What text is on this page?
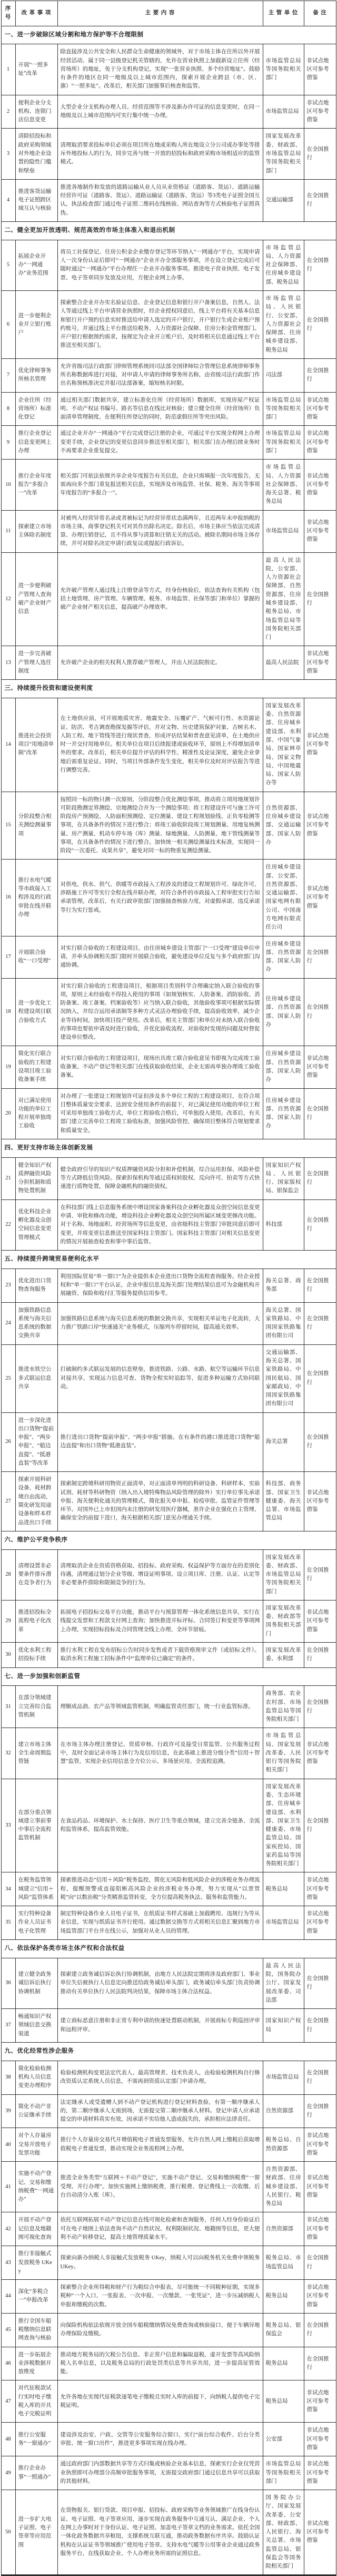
序号	改 革 事 项	主 要 内 容	主 管 单 位	备 注
一、进一步破除区域分割和地方保护等不合理限制				
1	开展“一照多址”改革	除直接涉及公共安全和人民群众生命健康的领域外，对于市场主体在住所以外开展经营活动、属于同一县级登记机关管辖的，允许在营业执照上加载新设立住所（经营场所）的地址，免于分支机构登记，实现“一张营业执照、多个经营地址”。鼓励有条件的地区在同一地级及以上城市范围内，探索开展企业跨县（市、区、旗）“一照多址”。改革后，相关部门加强事后核查和监管。	市场监管总局等国务院相关部门	非试点地区可参考借鉴
2	便利企业分支机构、连锁门店信息变更	大型企业分支机构办理人员、经营范围等不涉及新办许可证的信息变更时，在同一地级及以上城市范围内可实行集中统一办理。	市场监管总局	非试点地区可参考借鉴
3	清除招投标和政府采购领域对外地企业设置的隐性门槛和壁垒	清理取消要求投标单位必须在项目所在地或采购人所在地设立分公司或办事处等排斥外地投标人的行为，同步完善与统一开放的招投标和政府采购市场相适应的监管模式。	国家发展改革委、财政部、市场监管总局等国务院相关部门	在全国推行
4	推进客货运输电子证照跨区域互认与核验	推进各地制作和发放的道路运输从业人员从业资格证（道路客、货运）、道路运输经营许可证（道路客、货运）、道路运输证（道路客、货运）等3类电子证照全国互认，执法检查部门通过电子证照二维码在线核验、网站查询等方式核验电子证照真伪。	交通运输部	在全国推行
二、健全更加开放透明、规范高效的市场主体准入和退出机制				
5	拓展企业开办“一网通办”业务范围	将员工社保登记、住房公积金企业缴存登记等环节纳入“一网通办”平台，实现申请人一次身份认证后即可“一网通办”企业开办全部服务事项，并在设立登记完成后可随时通过“一网通办”平台办理任一企业开办服务事项。推进电子营业执照、电子发票、电子签章同步发放及应用，方便企业网上办事。	市场监管总局、人力资源社会保障部、住房城乡建设部、税务总局	在全国推行
6	进一步便利企业开立银行账户	探索整合企业开办实名验证信息、企业登记信息和银行开户备案信息，自然人、法人等通过线上平台申请营业执照时，经企业授权同意后，线上平台将有关基本信息和银行开户预约信息实时推送给申请人选定的开户银行，开户银行生成企业账户预约账号，并通过线上平台推送给税务、人力资源社会保障、住房公积金管理部门。开户银行根据预约需求，按规定为企业开立账户后，及时将相关信息通过线上平台推送至相关部门。	市场监管总局、人民银行、公安部、人力资源社会保障部、住房城乡建设部、税务总局	在全国推行
7	优化律师事务所核名管理	允许省级司法行政部门律师管理系统同司法部全国律师综合管理信息系统律师事务所名称数据库进行对接，对申请人申请的律师事务所名称，由省级司法行政部门作出名称预核准决定并报司法部备案，缩短核名时限。	司法部	在全国推行
8	企业住所（经营场所）标准化登记	通过相关部门数据共享，建立标准化住所（经营场所）数据库，实现房屋产权证明、不动产权证书编号、路名等信息在线比对核验；建立健全住所（经营场所）负面清单管理制度，在便利住所登记的同时，防范虚假住所等突出风险。	市场监管总局等国务院相关部门	非试点地区可参考借鉴
9	推行企业登记信息变更网上办理	通过企业开办“一网通办”平台完成登记注册的企业，可通过平台实现全程网上办理变更手续，企业登记的变更信息同步推送至相关部门，相关部门在办理后续业务时不再要求企业重复提交。	市场监管总局等国务院相关部门	非试点地区可参考借鉴
10	推行企业年度报告“多报合一”改革	相关部门可依法依规共享企业年度报告有关信息，企业只需填报一次年度报告，无需再向多个部门重复报送相关信息，实现涉及市场监管、社保、税务、海关等事项年度报告的“多报合一”。	市场监管总局、人力资源社会保障部、海关总署、税务总局	非试点地区可参考借鉴
11	探索建立市场主体除名制度	对被列入经营异常名录或者被标记为经营异常状态满两年，且近两年未申报纳税的市场主体，商事登记机关可对其作出除名决定。除名后，市场主体应当依法完成清算、办理注销登记，且不得从事与清算和注销无关的活动。被除名期间市场主体存续，并可对除名决定申请行政复议或提起行政诉讼。	市场监管总局	非试点地区可参考借鉴
12	进一步便利破产管理人查询破产企业财产信息	允许破产管理人通过线上注册登录等方式，经身份核验后，依法查询有关机构（包括土地管理、房产管理、车辆管理、税务、市场监管、社保等部门和单位）掌握的破产企业财产相关信息，提高破产办理效率。	最高人民法院，公安部、人力资源社会保障部、自然资源部、住房城乡建设部、税务总局、市场监管总局等国务院相关部门	在全国推行
13	进一步完善破产管理人选任制度	允许破产企业的相关权利人推荐破产管理人，并由人民法院指定。	最高人民法院	非试点地区可参考借鉴
三、持续提升投资和建设便利度				
14	推进社会投资项目“用地清单制”改革	在土地供应前，可开展地质灾害、地震安全、压覆矿产、气候可行性、水资源论证、防洪、考古调查勘探发掘等评估，并对文物、历史建筑保护对象、古树名木、人防工程、地下管线等进行现状普查，形成评估结果和普查意见清单，在土地供应时一并交付用地单位。相关单位在项目后续报建或验收环节，原则上不得增加清单外的要求。改革后，相关单位提升评估的科学性、精准性及论证深度，避免企业拿地后需重复论证。同时，当项目外部条件发生变化，相关单位及时对评估报告等进行调整完善。	国家发展改革委、自然资源部、住房城乡建设部、水利部、中国气象局、国家林草局、国家文物局、中国地震局、国家人防办等	非试点地区可参考借鉴
15	分阶段整合相关测绘测量事项	按照同一标的物只测一次原则，分阶段整合优化测绘事项，推动将立项用地规划许可阶段勘测定界测绘、宗地测绘合并为一个测绘事项；将工程建设许可与施工许可阶段房产预测绘、人防面积预测绘、定位测量、建设工程规划验线、正负零检测等事项，在具备条件的情况下进行整合；将竣工验收阶段竣工规划测量、用地复核测量、房产测量、机动车停车场（库）测量、绿地测量、人防测量、地下管线测量等事项，在具备条件的情况下进行整合。加快统一相关测绘测量技术标准，实现同一阶段“一次委托、成果共享”，避免对同一标的物重复测绘测量。	自然资源部、住房城乡建设部、交通运输部、国家人防办	非试点地区可参考借鉴
16	推行水电气暖等市政接入工程涉及的行政审批在线并联办理	对供电、供水、供气、供暖等市政接入工程涉及的建设工程规划许可、绿化许可、涉路施工许可等实行全程在线并联办理，对符合条件的市政接入工程审批实行告知承诺管理。改革后，有关行政审批部门加强抽查核验力度，对虚假承诺、违反承诺等行为实行惩戒。	住房城乡建设部、公安部、自然资源部、交通运输部、国家电网有限公司、中国南方电网有限责任公司	非试点地区可参考借鉴
17	开展联合验收“一口受理”	对实行联合验收的工程建设项目，由住房城乡建设主管部门“一口受理”建设单位申请，并牵头协调相关部门限时开展联合验收，避免建设单位反复与多个政府部门沟通协调。	住房城乡建设部、自然资源部、国家人防办	在全国推行
18	进一步优化工程建设项目联合验收方式	对实行联合验收的工程建设项目，根据项目类别科学合理确定纳入联合验收的事项，原则上未经验收不得投入使用的事项（如规划核实、人防备案、消防验收、消防备案、竣工备案、档案验收等）应当纳入联合验收，其他验收事项可根据实际情况纳入，并综合运用承诺制等多种方式灵活办理验收手续，提高验收效率，减少企业等待时间，加快项目投产使用。改革后，相关主管部门和单位对未纳入联合验收的事项也要依申请及时进行验收，并优化验收流程，对验收时发现的问题及时督促建设单位整改。	住房城乡建设部、自然资源部、国家人防办	在全国推行
19	简化实行联合验收的工程建设项目竣工验收备案手续	对实行联合验收的工程建设项目，现场出具竣工联合验收意见书即视为完成竣工验收备案，不动产登记等相关部门在线获取验收结果，企业无需再单独办理竣工验收备案。	住房城乡建设部、自然资源部、国家人防办	非试点地区可参考借鉴
20	对已满足使用功能的单位工程开展单独竣工验收	对办理了一张建设工程规划许可证但涉及多个单位工程的工程建设项目，在符合项目整体质量安全要求、达到安全使用条件的前提下，对已满足使用功能的单位工程可采用单独竣工验收方式，单位工程验收合格后，可单独投入使用。改革后，有关部门建立完善单位工程竣工验收标准，加强风险管控，确保项目整体符合规划要求和质量安全。	住房城乡建设部、自然资源部、国家人防办	在全国推行
四、更好支持市场主体创新发展				
21	健全知识产权质押融资风险分担机制和质物处置机制	健全政府引导的知识产权质押融资风险分担和补偿机制，综合运用担保、风险补偿等方式降低信贷风险。探索担保机构等通过质权转股权、反向许可、拍卖等方式快速进行质物处置，保障金融机构的融资债权。	国家知识产权局、人民银行、国家版权局、银保监会	在全国推行
22	优化科技企业孵化器及众创空间信息变更管理模式	在科技部门线上信息服务系统中增设国家备案科技企业孵化器及众创空间信息变更申请、审批和修改功能，增设科技企业孵化器及众创空间所属区域变更修改功能。对于名称、场地面积、经营场所等信息变更，由省级科技主管部门审批同意后即可变更，并将变更信息推送至国家科技主管部门。国家科技主管部门对相关信息变更的情况开展抽查检查和事中事后监管。	科技部	在全国推行
五、持续提升跨境贸易便利化水平				
23	优化进出口货物查询服务	利用国际贸易“单一窗口”为企业提供本企业进出口货物全流程查询服务。经企业授权和“单一窗口”平台认证，企业申报信息及海关部门处理结果信息可为金融机构开展融资、保险和收付汇等服务提供信用参考。	海关总署、商务部	在全国推行
24	加强铁路信息系统与海关信息系统的数据交换共享	加强铁路信息系统与海关信息系统的数据交换共享，实现相关单证电子化流转，大力推广铁路口岸“快速通关”业务模式，压缩列车停留时间，提高通关效率。	海关总署、国家铁路局、中国国家铁路集团有限公司	在全国推行
25	推进水铁空公多式联运信息共享	打破制约多式联运发展的信息壁垒，推进铁路、公路、水路、航空等运输环节信息对接共享，实现运力信息可查、货物全程实时追踪等，促进多种运输方式协同联动。	交通运输部、海关总署、国家铁路局、中国民航局、国家邮政局、中国国家铁路集团有限公司	在全国推行
26	进一步深化进出口货物“提前申报”、“两步申报”、“船边直提”、“抵港直装”等改革	推行进出口货物“提前申报”、“两步申报”措施。在有条件的港口推进进口货物“船边直提”和出口货物“抵港直装”。	海关总署	在全国推行
27	探索开展科研设备、耗材跨境自由流动，简化研发用途设备和样本样品进出口手续	探索制定跨境科研用物资正面清单，对正面清单列明的科研设备、科研样本、实验试剂、耗材等科研物资（纳入出入境特殊物品风险管理的除外）实行单位事先承诺申报、海关便利化通关的管理模式，简化报关单申报、检疫审批、监管证件管理等环节。对国外已上市但国内未注册的研发用医疗器械，准许企业在强化自主管理、确保安全的前提下进口，海关根据相关部门意见办理通关手续。	科技部、商务部、国家卫生健康委、海关总署、市场监管总局	非试点地区可参考借鉴
六、维护公平竞争秩序				
28	清理设置非必要条件排斥潜在竞争者行为	清理取消企业在资质资格获取、招投标、政府采购、权益保护等方面存在的差别化待遇，清理通过划分企业等级、增设证明事项、设立项目库、注册、认证、认定等非必要条件排除和限制竞争的行为。	国家发展改革委、财政部、市场监管总局等国务院相关部门	在全国推行
29	推进招投标全流程电子化改革	拓展电子招投标交易平台功能，推动平台与预算管理一体化系统信息共享，实行在线提交发票和工程款支付网上查询；加快推进开标评标、合同签订和变更等事项网上办理，实现招标投标及合同管理全线上办理、全环节留痕。	国家发展改革委、财政部等国务院相关部门	非试点地区可参考借鉴
30	优化水利工程招投标手续	推行水利工程在发布招标公告时同步发售或者下载资格预审文件（或招标文件）。取消水利工程施工招标条件中“监理单位已确定”的条件。	国家发展改革委、水利部	在全国推行
七、进一步加强和创新监管				
31	在部分领域建立完善综合监管机制	理顺成品油、农产品等领域监管机制，明确监管责任部门，统一行业监管标准。	商务部、农业农村部、市场监管总局等国务院相关部门	在全国推行
32	建立市场主体全生命周期监管链	在市场主体办理注册登记、资质审核、行政许可及接受日常监管、公共服务过程中，及时全面记录市场主体行为及信用信息，在此基础上推进分级分类“信用＋智慧”监管，实现企业信用信息全方位公示、多场景应用、全流程追溯。	市场监管总局、国家发展改革委、人民银行等国务院相关部门	非试点地区可参考借鉴
33	在部分重点领域建立事前事中事后全流程监管机制	在食品药品、环境保护、水土保持、医疗卫生等重点领域，建立完善全链条、全流程监管体系，提高监管效能。	国家发展改革委、生态环境部、住房城乡建设部、水利部、国家卫生健康委、市场监管总局、国家疾控局、国家药监局等国务院相关部门	在全国推行
34	在税务监管领域建立“信用＋风险”监管体系	探索推进动态“信用＋风险”税务监控，简化无风险和低风险企业的涉税业务办理流程，提醒预警或直接阻断高风险企业的涉税业务办理，努力实现从“以票管税”向“以数治税”分类精准监管转变，全方位提高税务执法、服务和监管能力。	税务总局	非试点地区可参考借鉴
35	实行特种设备作业人员证书电子化管理	制定特种设备作业人员电子证书，在纸质证书样式基础上加载聘用、违规行为等从业信息，实现与纸质证书并行使用。通过数据交换等方式将相关信息汇聚到地方市场监管部门平台并在线公示，加强对从业人员的管理。	市场监管总局	非试点地区可参考借鉴
八、依法保护各类市场主体产权和合法权益				
36	建立健全政务诚信诉讼执行协调机制	探索建立政务诚信诉讼执行协调机制，由地方人民法院定期将涉及政府部门、事业单位失信被执行人信息定向推送给政务诚信牵头部门，政务诚信牵头部门负责协调推动有关单位执行人民法院判决结果，保障市场主体合法权益。	最高人民法院，国务院办公厅、国家发展改革委、司法部	在全国推行
37	畅通知识产权领域信息交换渠道	建立商标恶意注册和非正常专利申请的快速处置联动机制，开展商标专利巡回评审和远程评审。	国家知识产权局	在全国推行
九、优化经常性涉企服务				
38	简化检验检测机构人员信息变更办理程序	检验检测机构变更法定代表人、最高管理者、技术负责人，由检验检测机构自行修改资质认定系统人员信息，不需再到资质认定部门申请办理。	市场监管总局	在全国推行
39	简化不动产非公证继承手续	法定继承人或受遗赠人到不动产登记机构进行登记材料查验，有第一顺序继承人的，第二顺序继承人无需到场，无需提交第二顺序继承人材料。登记申请人应承诺提交的申请材料真实有效，因承诺不实给他人造成损失的，承担相应法律责任。	自然资源部	在全国推行
40	对个人存量房交易开放电子发票功能	推行个人存量房交易代开增值税电子普通发票服务，允许自然人网上缴税后获取增值税电子普通发票，推动实现全业务流程网上办理。	税务总局、自然资源部	非试点地区可参考借鉴
41	实施不动产登记、交易和缴纳税费“一网通办”	推进全业务类型“互联网＋不动产登记”，实施不动产登记、交易和缴纳税费“一窗受理、并行办理”。加快实施网上缴纳税费，推行税费、登记费线上一次收缴、后台自动清分入账（库）。	自然资源部、财政部、住房城乡建设部、人民银行、税务总局	非试点地区可参考借鉴
42	开展不动产登记信息及地籍图可视化查询	依托互联网拓展不动产登记信息在线可视化检索和查询服务，任何人经身份验证后可在电子地图上依法查询不动产自然状况、权利限制状况、地籍图等信息，更大便利不动产转移登记，提高土地管理质量水平。	自然资源部	非试点地区可参考借鉴
43	推行非接触式发放税务 UKey	探索向新办纳税人非接触式发放税务 UKey，纳税人可以向税务机关免费申领税务 UKey。	税务总局、市场监管总局	在全国推行
44	深化“多税合一”申报改革	探索整合企业所得税和财产行为税综合申报表，尽可能统一不同税种征期，实现多税种“一个入口、一张报表、一次申报、一次缴款、一张凭证”，进一步压减纳税人申报和缴税的次数。	税务总局	非试点地区可参考借鉴
45	推行全国车船税缴纳信息联网查询与核验	向保险机构依法依规开放全国车船税缴纳情况免费查询或核验接口，便于车辆异地办理保险及缴税。	税务总局、银保监会	在全国推行
46	进一步拓展企业涉税数据开放维度	推动地方税务局的欠税公告信息、非正常户信息和骗取退税、虚开发票等高风险纳税人名单信息，以及税务总局的行政处罚类信息等共享共用，进一步提高征管效能。	税务总局	在全国推行
47	对代征税款试行实时电子缴税入库的开具电子完税证明	允许各地在实现代征税款逐笔电子缴税且实时入库的前提下，向纳税人提供电子完税证明。	税务总局	非试点地区可参考借鉴
48	推行公安服务“一窗通办”	建设涉及治安、户政、交管等公安服务综合窗口，实行“前台综合收件、后台分类审批、统一窗口出件”，推进更多事项实现在线办理。	公安部	非试点地区可参考借鉴
49	推行企业办事“一照通办”	通过政府部门内部数据共享等方式归集或核验企业基本信息，探索实行企业仅凭营业执照即可办理部分高频审批服务事项，无需提交政府部门通过信息共享可以获取的其他材料。	市场监管总局等国务院相关部门	非试点地区可参考借鉴
50	进一步扩大电子证照、电子签章等应用范围	在货物报关、银行贷款、项目申报、招投标、政府采购等业务领域推广在线身份认证、电子证照、电子签章应用，逐步实现在政务服务中互通互认，满足企业、个人在网上办事时对于身份认证、电子证照、加盖电子签章文档的业务需求。依托全国一体化政务数据共享枢纽，支撑系统互联互通，推动政务数据有序共享。鼓励认证机构在认证证书等领域推广使用电子签章。支持水电气暖等公用事业企业通过政务服务平台，在线获取企业、个人办理业务所需的证照信息。	国务院办公厅、国家发展改革委、公安部、财政部、人民银行、海关总署、市场监管总局、银保监会等国务院相关部门	非试点地区可参考借鉴
